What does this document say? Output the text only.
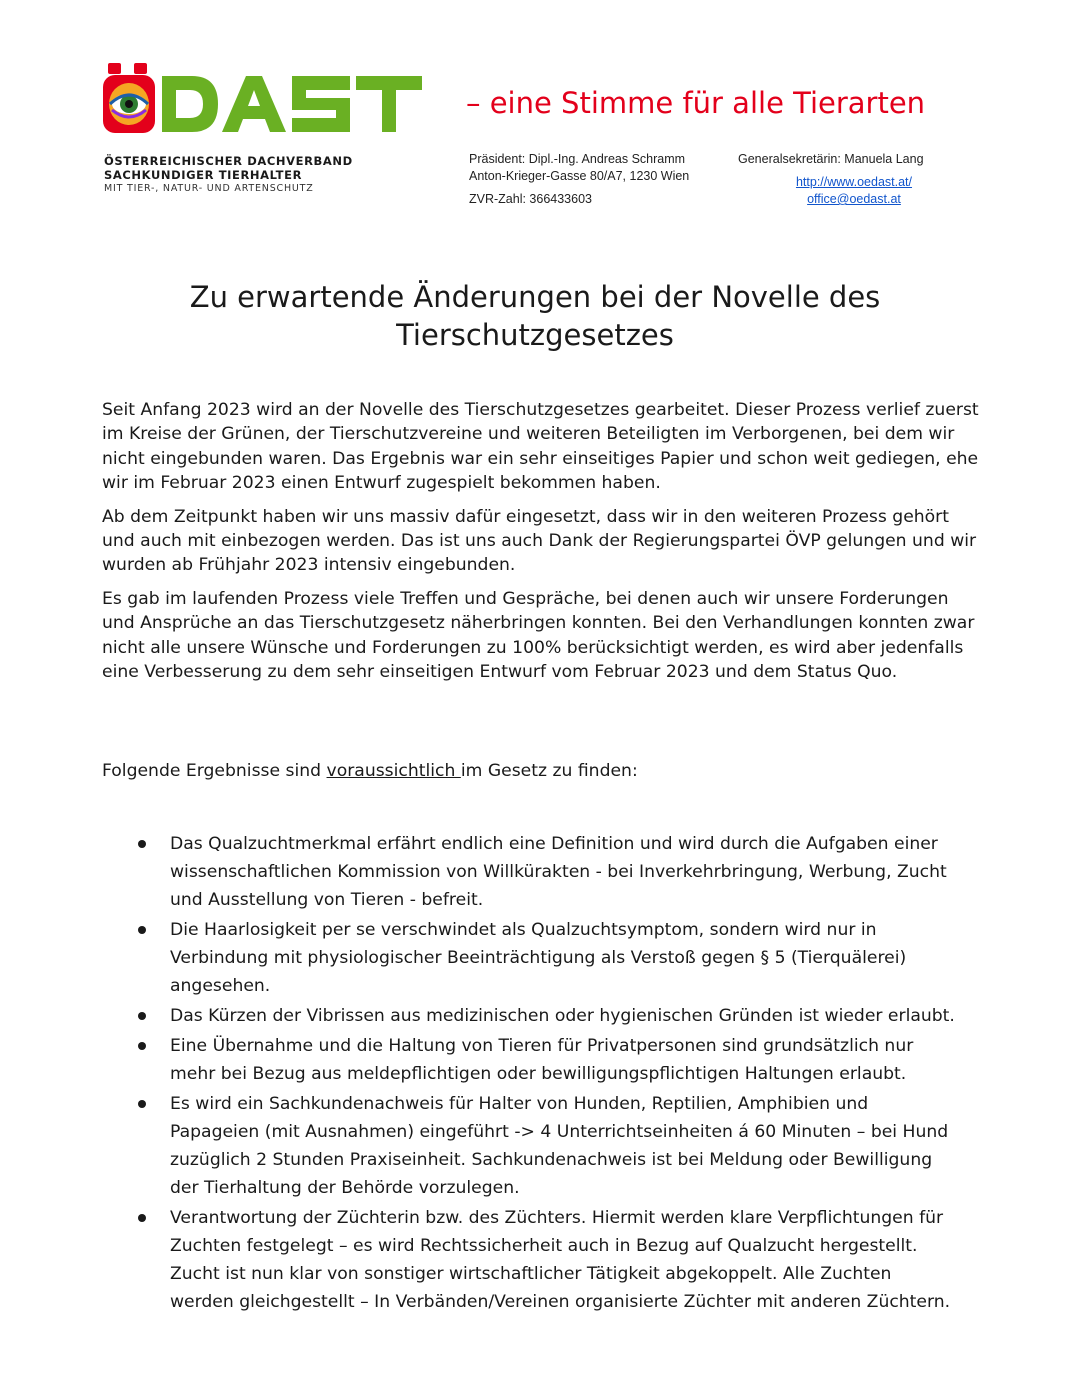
ÖSTERREICHISCHER DACHVERBAND
SACHKUNDIGER TIERHALTER
MIT TIER-, NATUR- UND ARTENSCHUTZ
– eine Stimme für alle Tierarten
Präsident: Dipl.-Ing. Andreas Schramm
Anton-Krieger-Gasse 80/A7, 1230 Wien
ZVR-Zahl: 366433603
Generalsekretärin: Manuela Lang
http://www.oedast.at/
office@oedast.at
Zu erwartende Änderungen bei der Novelle des
Tierschutzgesetzes

Seit Anfang 2023 wird an der Novelle des Tierschutzgesetzes gearbeitet. Dieser Prozess verlief zuerst im Kreise der Grünen, der Tierschutzvereine und weiteren Beteiligten im Verborgenen, bei dem wir nicht eingebunden waren. Das Ergebnis war ein sehr einseitiges Papier und schon weit gediegen, ehe wir im Februar 2023 einen Entwurf zugespielt bekommen haben.

Ab dem Zeitpunkt haben wir uns massiv dafür eingesetzt, dass wir in den weiteren Prozess gehört und auch mit einbezogen werden. Das ist uns auch Dank der Regierungspartei ÖVP gelungen und wir wurden ab Frühjahr 2023 intensiv eingebunden.

Es gab im laufenden Prozess viele Treffen und Gespräche, bei denen auch wir unsere Forderungen und Ansprüche an das Tierschutzgesetz näherbringen konnten. Bei den Verhandlungen konnten zwar nicht alle unsere Wünsche und Forderungen zu 100% berücksichtigt werden, es wird aber jedenfalls eine Verbesserung zu dem sehr einseitigen Entwurf vom Februar 2023 und dem Status Quo.

Folgende Ergebnisse sind voraussichtlich im Gesetz zu finden:
Das Qualzuchtmerkmal erfährt endlich eine Definition und wird durch die Aufgaben einer wissenschaftlichen Kommission von Willkürakten - bei Inverkehrbringung, Werbung, Zucht und Ausstellung von Tieren - befreit.
Die Haarlosigkeit per se verschwindet als Qualzuchtsymptom, sondern wird nur in Verbindung mit physiologischer Beeinträchtigung als Verstoß gegen § 5 (Tierquälerei) angesehen.
Das Kürzen der Vibrissen aus medizinischen oder hygienischen Gründen ist wieder erlaubt.
Eine Übernahme und die Haltung von Tieren für Privatpersonen sind grundsätzlich nur mehr bei Bezug aus meldepflichtigen oder bewilligungspflichtigen Haltungen erlaubt.
Es wird ein Sachkundenachweis für Halter von Hunden, Reptilien, Amphibien und Papageien (mit Ausnahmen) eingeführt -> 4 Unterrichtseinheiten á 60 Minuten – bei Hund zuzüglich 2 Stunden Praxiseinheit. Sachkundenachweis ist bei Meldung oder Bewilligung der Tierhaltung der Behörde vorzulegen.
Verantwortung der Züchterin bzw. des Züchters. Hiermit werden klare Verpflichtungen für Zuchten festgelegt – es wird Rechtssicherheit auch in Bezug auf Qualzucht hergestellt. Zucht ist nun klar von sonstiger wirtschaftlicher Tätigkeit abgekoppelt. Alle Zuchten werden gleichgestellt – In Verbänden/Vereinen organisierte Züchter mit anderen Züchtern.
